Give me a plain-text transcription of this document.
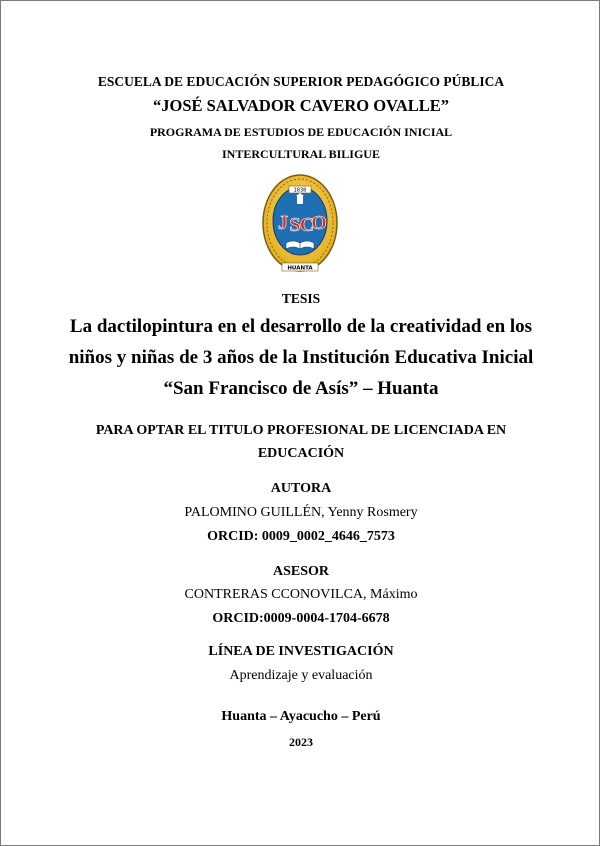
ESCUELA DE EDUCACIÓN SUPERIOR PEDAGÓGICO PÚBLICA
“JOSÉ SALVADOR CAVERO OVALLE”
PROGRAMA DE ESTUDIOS DE EDUCACIÓN INICIAL
INTERCULTURAL BILIGUE
1838
J S C
O
HUANTA
TESIS
La dactilopintura en el desarrollo de la creatividad en los
niños y niñas de 3 años de la Institución Educativa Inicial
“San Francisco de Asís” – Huanta
PARA OPTAR EL TITULO PROFESIONAL DE LICENCIADA EN
EDUCACIÓN
AUTORA
PALOMINO GUILLÉN, Yenny Rosmery
ORCID: 0009_0002_4646_7573
ASESOR
CONTRERAS CCONOVILCA, Máximo
ORCID:0009-0004-1704-6678
LÍNEA DE INVESTIGACIÓN
Aprendizaje y evaluación
Huanta – Ayacucho – Perú
2023
